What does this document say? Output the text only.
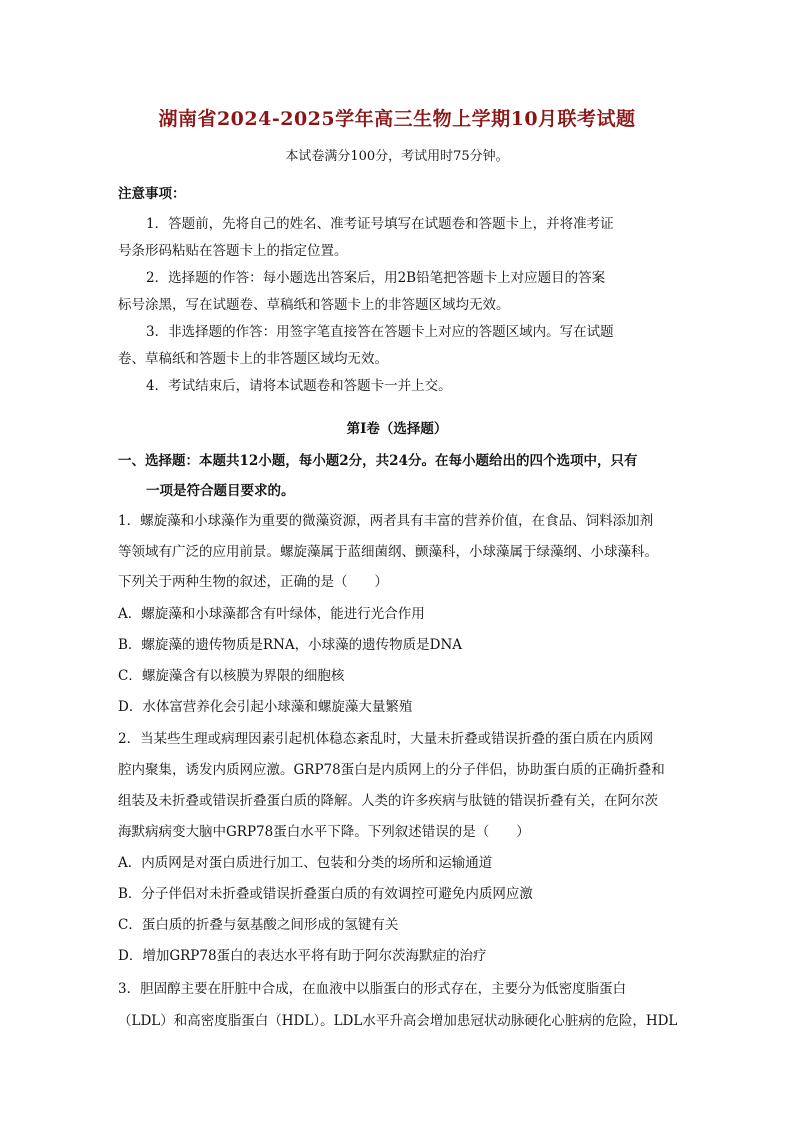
湖南省2024-2025学年高三生物上学期10月联考试题
本试卷满分100分，考试用时75分钟。
注意事项：
1．答题前，先将自己的姓名、准考证号填写在试题卷和答题卡上，并将准考证
号条形码粘贴在答题卡上的指定位置。
2．选择题的作答：每小题选出答案后，用2B铅笔把答题卡上对应题目的答案
标号涂黑，写在试题卷、草稿纸和答题卡上的非答题区域均无效。
3．非选择题的作答：用签字笔直接答在答题卡上对应的答题区域内。写在试题
卷、草稿纸和答题卡上的非答题区域均无效。
4．考试结束后，请将本试题卷和答题卡一并上交。
第Ⅰ卷（选择题）
一、选择题：本题共12小题，每小题2分，共24分。在每小题给出的四个选项中，只有
一项是符合题目要求的。
1．螺旋藻和小球藻作为重要的微藻资源，两者具有丰富的营养价值，在食品、饲料添加剂
等领域有广泛的应用前景。螺旋藻属于蓝细菌纲、颤藻科，小球藻属于绿藻纲、小球藻科。
下列关于两种生物的叙述，正确的是（　　）
A．螺旋藻和小球藻都含有叶绿体，能进行光合作用
B．螺旋藻的遗传物质是RNA，小球藻的遗传物质是DNA
C．螺旋藻含有以核膜为界限的细胞核
D．水体富营养化会引起小球藻和螺旋藻大量繁殖
2．当某些生理或病理因素引起机体稳态紊乱时，大量未折叠或错误折叠的蛋白质在内质网
腔内聚集，诱发内质网应激。GRP78蛋白是内质网上的分子伴侣，协助蛋白质的正确折叠和
组装及未折叠或错误折叠蛋白质的降解。人类的许多疾病与肽链的错误折叠有关，在阿尔茨
海默病病变大脑中GRP78蛋白水平下降。下列叙述错误的是（　　）
A．内质网是对蛋白质进行加工、包装和分类的场所和运输通道
B．分子伴侣对未折叠或错误折叠蛋白质的有效调控可避免内质网应激
C．蛋白质的折叠与氨基酸之间形成的氢键有关
D．增加GRP78蛋白的表达水平将有助于阿尔茨海默症的治疗
3．胆固醇主要在肝脏中合成，在血液中以脂蛋白的形式存在，主要分为低密度脂蛋白
（LDL）和高密度脂蛋白（HDL）。LDL水平升高会增加患冠状动脉硬化心脏病的危险，HDL
